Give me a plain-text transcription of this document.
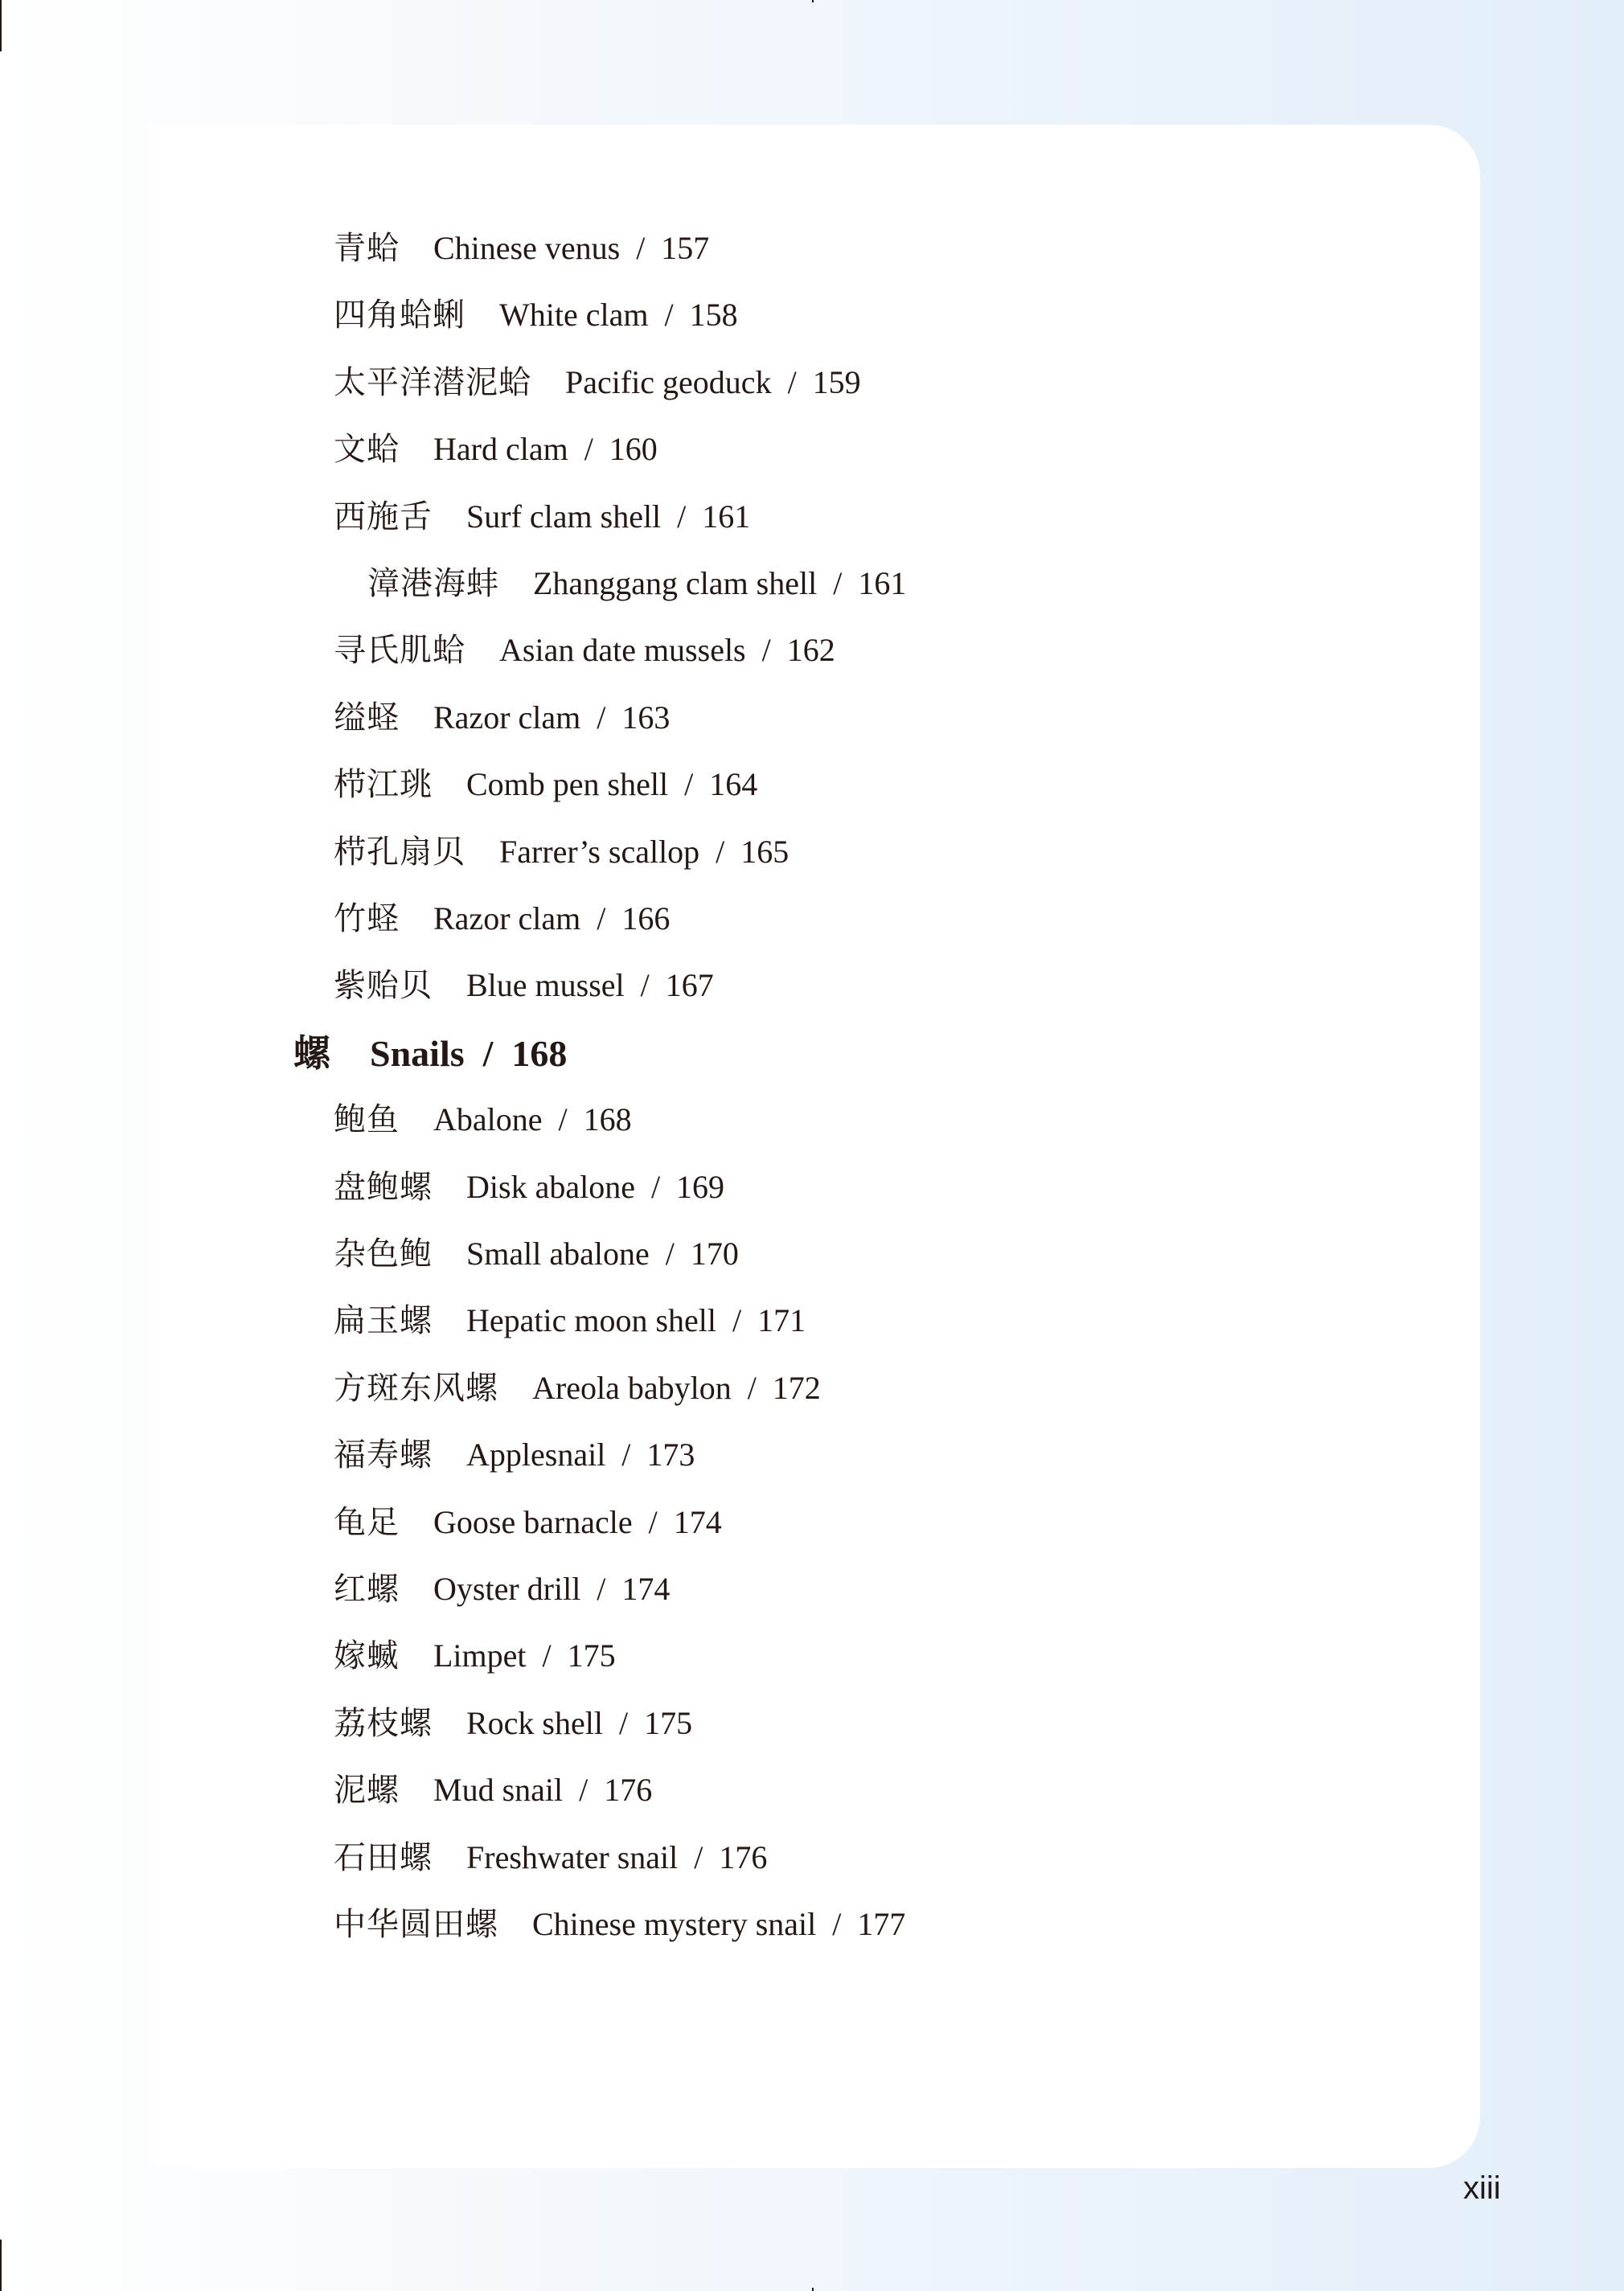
青蛤 Chinese venus  /  157
四角蛤蜊 White clam  /  158
太平洋潜泥蛤 Pacific geoduck  /  159
文蛤 Hard clam  /  160
西施舌 Surf clam shell  /  161
漳港海蚌 Zhanggang clam shell  /  161
寻氏肌蛤 Asian date mussels  /  162
缢蛏 Razor clam  /  163
栉江珧 Comb pen shell  /  164
栉孔扇贝 Farrer’s scallop  /  165
竹蛏 Razor clam  /  166
紫贻贝 Blue mussel  /  167
螺 Snails  /  168
鲍鱼 Abalone  /  168
盘鲍螺 Disk abalone  /  169
杂色鲍 Small abalone  /  170
扁玉螺 Hepatic moon shell  /  171
方斑东风螺 Areola babylon  /  172
福寿螺 Applesnail  /  173
龟足 Goose barnacle  /  174
红螺 Oyster drill  /  174
嫁蝛 Limpet  /  175
荔枝螺 Rock shell  /  175
泥螺 Mud snail  /  176
石田螺 Freshwater snail  /  176
中华圆田螺 Chinese mystery snail  /  177
xiii
